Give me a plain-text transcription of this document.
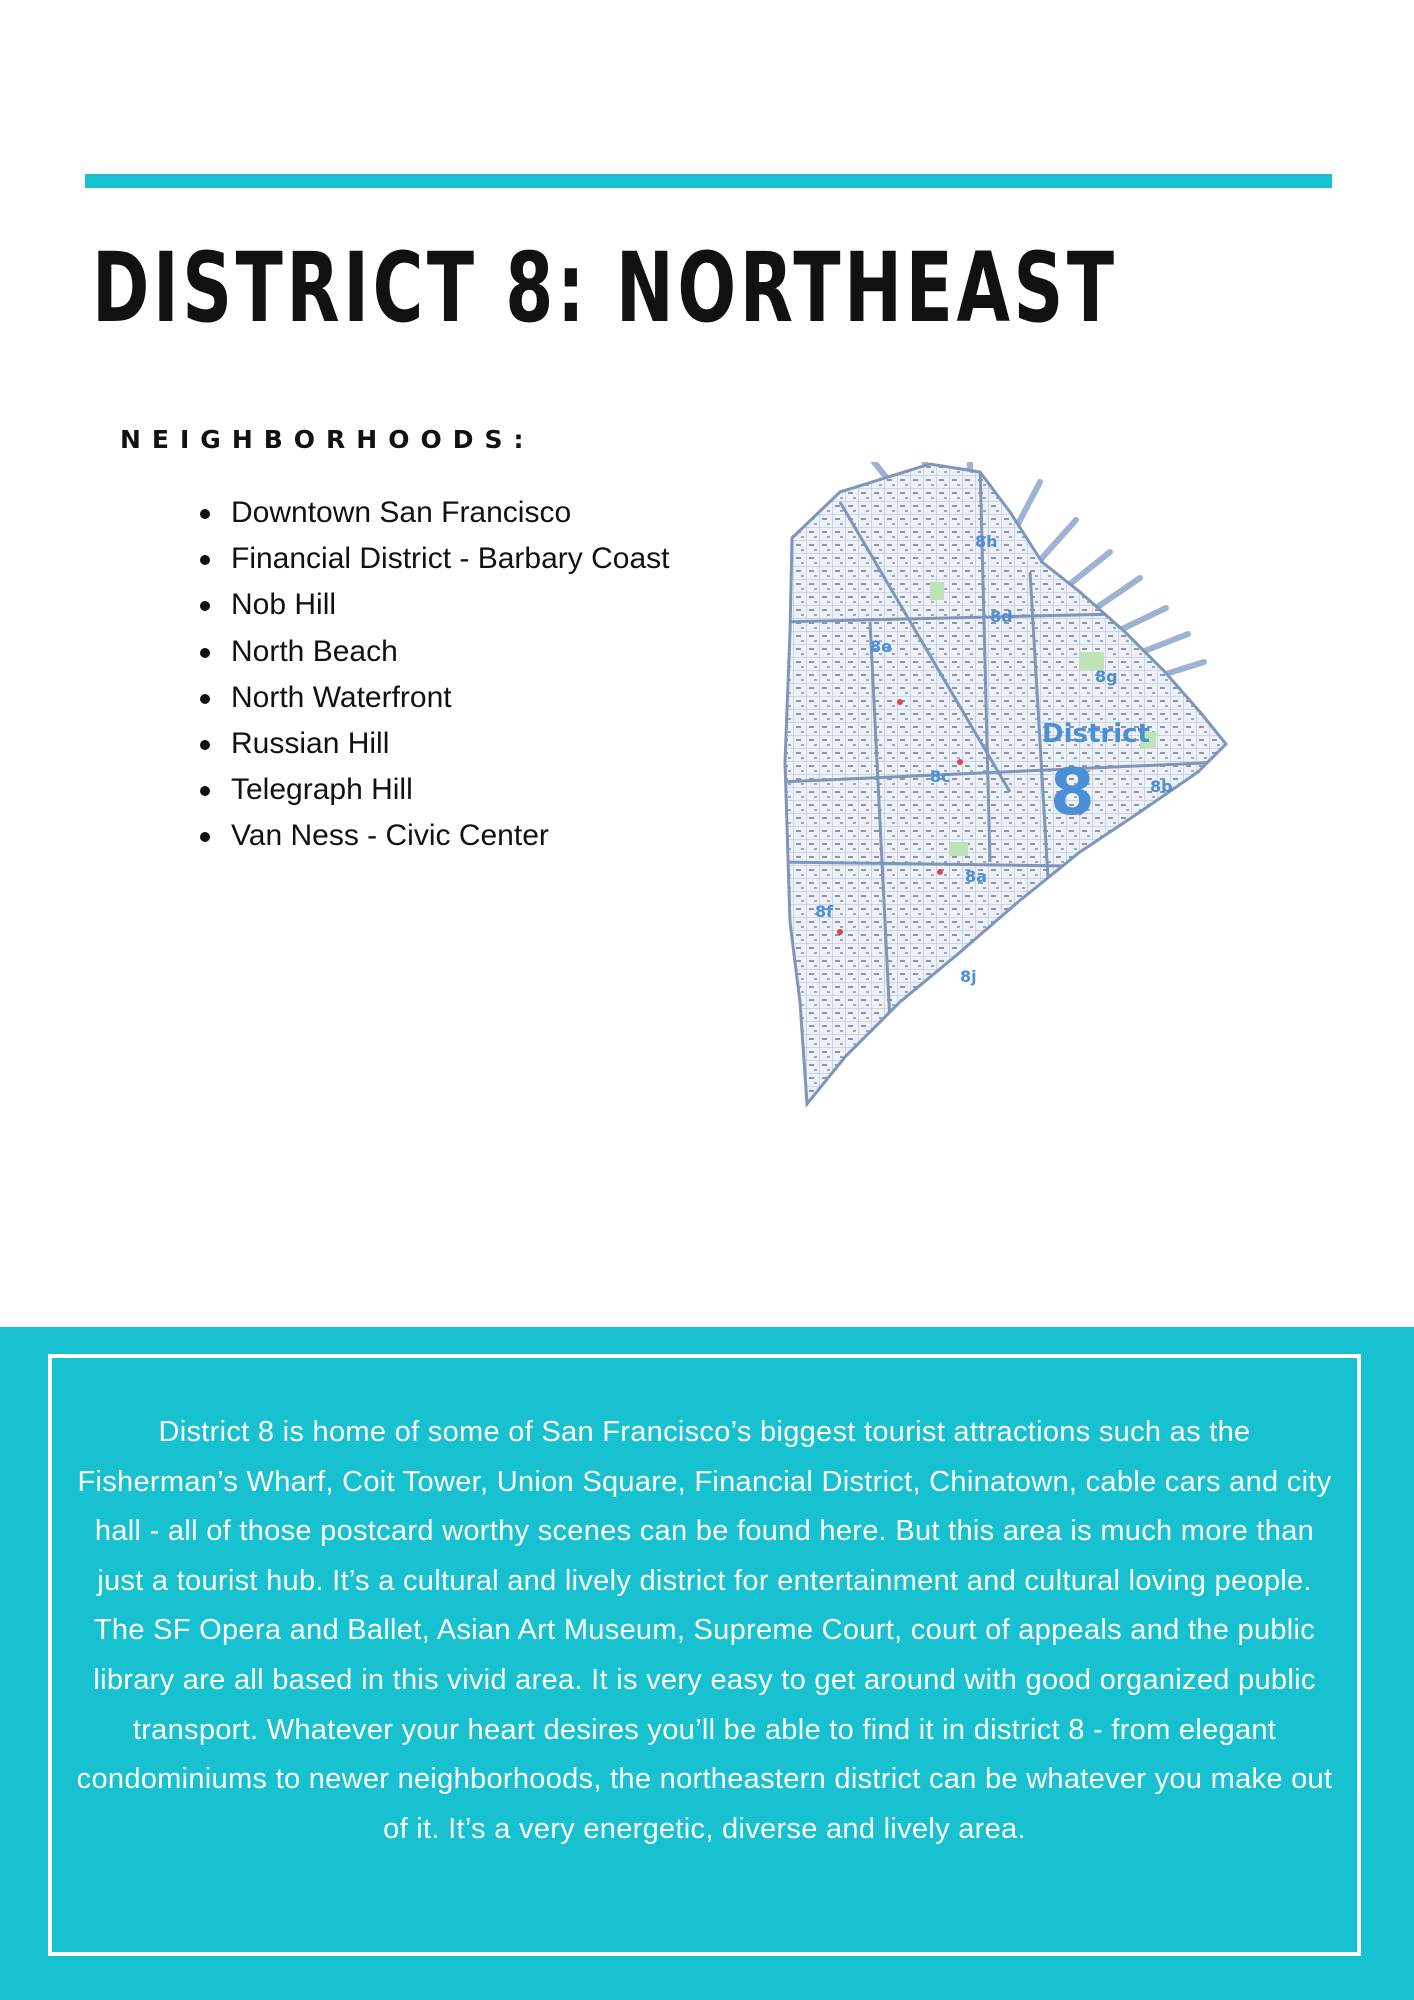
DISTRICT 8: NORTHEAST
NEIGHBORHOODS:
Downtown San Francisco
Financial District - Barbary Coast
Nob Hill
North Beach
North Waterfront
Russian Hill
Telegraph Hill
Van Ness - Civic Center
District
8
8h
8d
8e
8g
8c
8b
8a
8f
8j

District 8 is home of some of San Francisco’s biggest tourist attractions such as the Fisherman’s Wharf, Coit Tower, Union Square, Financial District, Chinatown, cable cars and city hall - all of those postcard worthy scenes can be found here. But this area is much more than just a tourist hub. It’s a cultural and lively district for entertainment and cultural loving people. The SF Opera and Ballet, Asian Art Museum, Supreme Court, court of appeals and the public library are all based in this vivid area. It is very easy to get around with good organized public transport. Whatever your heart desires you’ll be able to find it in district 8 - from elegant condominiums to newer neighborhoods, the northeastern district can be whatever you make out of it. It’s a very energetic, diverse and lively area.
